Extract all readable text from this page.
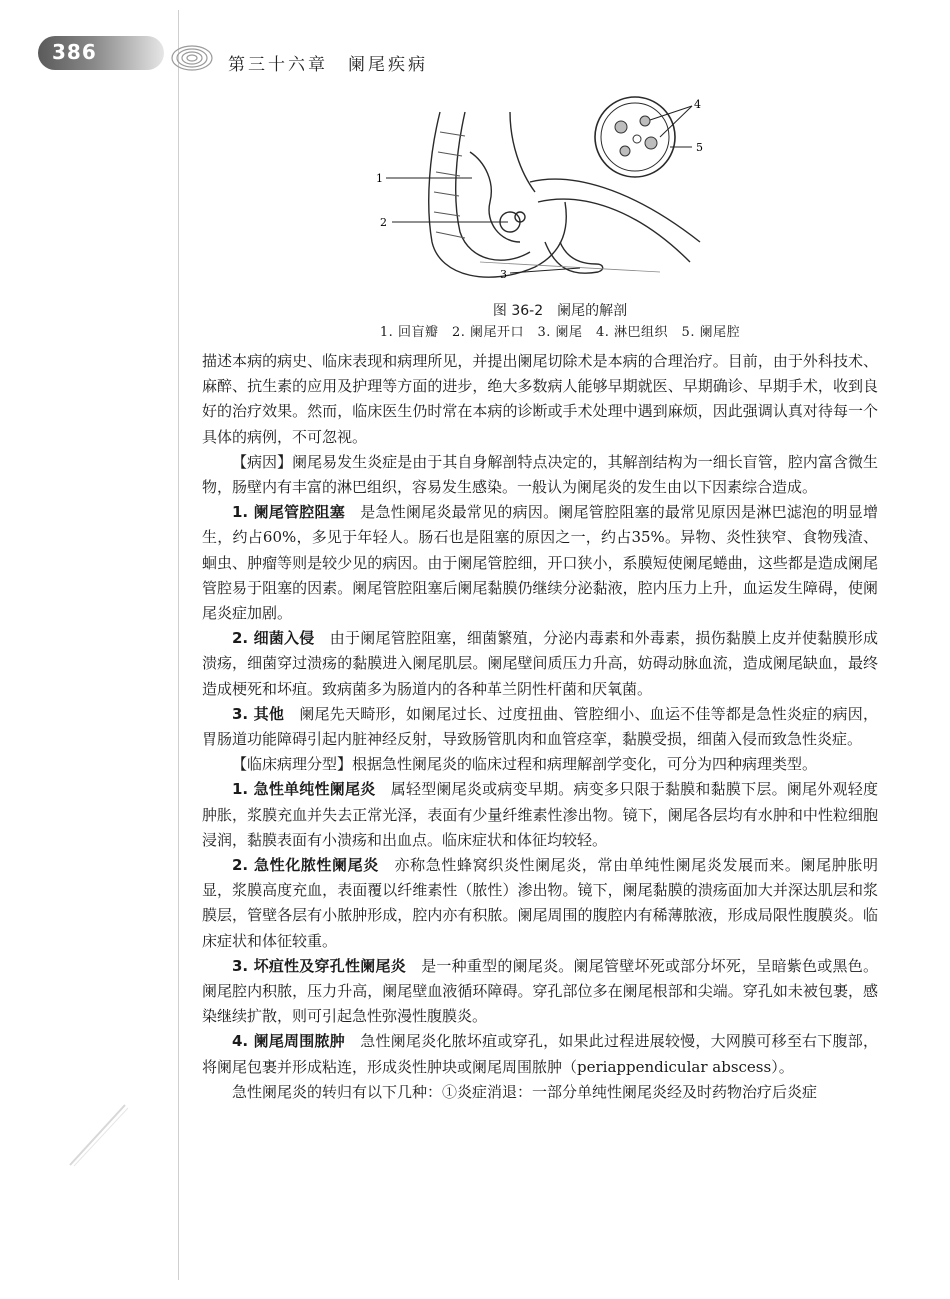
386
第三十六章　阑尾疾病
1
2
3
4
5
图 36-2　阑尾的解剖
1. 回盲瓣　2. 阑尾开口　3. 阑尾　4. 淋巴组织　5. 阑尾腔

描述本病的病史、临床表现和病理所见，并提出阑尾切除术是本病的合理治疗。目前，由于外科技术、麻醉、抗生素的应用及护理等方面的进步，绝大多数病人能够早期就医、早期确诊、早期手术，收到良好的治疗效果。然而，临床医生仍时常在本病的诊断或手术处理中遇到麻烦，因此强调认真对待每一个具体的病例，不可忽视。

【病因】阑尾易发生炎症是由于其自身解剖特点决定的，其解剖结构为一细长盲管，腔内富含微生物，肠壁内有丰富的淋巴组织，容易发生感染。一般认为阑尾炎的发生由以下因素综合造成。

1. 阑尾管腔阻塞　 是急性阑尾炎最常见的病因。阑尾管腔阻塞的最常见原因是淋巴滤泡的明显增生，约占60%，多见于年轻人。肠石也是阻塞的原因之一，约占35%。异物、炎性狭窄、食物残渣、蛔虫、肿瘤等则是较少见的病因。由于阑尾管腔细，开口狭小，系膜短使阑尾蜷曲，这些都是造成阑尾管腔易于阻塞的因素。阑尾管腔阻塞后阑尾黏膜仍继续分泌黏液，腔内压力上升，血运发生障碍，使阑尾炎症加剧。

2. 细菌入侵　 由于阑尾管腔阻塞，细菌繁殖，分泌内毒素和外毒素，损伤黏膜上皮并使黏膜形成溃疡，细菌穿过溃疡的黏膜进入阑尾肌层。阑尾壁间质压力升高，妨碍动脉血流，造成阑尾缺血，最终造成梗死和坏疽。致病菌多为肠道内的各种革兰阴性杆菌和厌氧菌。

3. 其他　 阑尾先天畸形，如阑尾过长、过度扭曲、管腔细小、血运不佳等都是急性炎症的病因，胃肠道功能障碍引起内脏神经反射，导致肠管肌肉和血管痉挛，黏膜受损，细菌入侵而致急性炎症。

【临床病理分型】根据急性阑尾炎的临床过程和病理解剖学变化，可分为四种病理类型。

1. 急性单纯性阑尾炎　 属轻型阑尾炎或病变早期。病变多只限于黏膜和黏膜下层。阑尾外观轻度肿胀，浆膜充血并失去正常光泽，表面有少量纤维素性渗出物。镜下，阑尾各层均有水肿和中性粒细胞浸润，黏膜表面有小溃疡和出血点。临床症状和体征均较轻。

2. 急性化脓性阑尾炎　 亦称急性蜂窝织炎性阑尾炎，常由单纯性阑尾炎发展而来。阑尾肿胀明显，浆膜高度充血，表面覆以纤维素性（脓性）渗出物。镜下，阑尾黏膜的溃疡面加大并深达肌层和浆膜层，管壁各层有小脓肿形成，腔内亦有积脓。阑尾周围的腹腔内有稀薄脓液，形成局限性腹膜炎。临床症状和体征较重。

3. 坏疽性及穿孔性阑尾炎　 是一种重型的阑尾炎。阑尾管壁坏死或部分坏死，呈暗紫色或黑色。阑尾腔内积脓，压力升高，阑尾壁血液循环障碍。穿孔部位多在阑尾根部和尖端。穿孔如未被包裹，感染继续扩散，则可引起急性弥漫性腹膜炎。

4. 阑尾周围脓肿　 急性阑尾炎化脓坏疽或穿孔，如果此过程进展较慢，大网膜可移至右下腹部，将阑尾包裹并形成粘连，形成炎性肿块或阑尾周围脓肿（periappendicular abscess）。

急性阑尾炎的转归有以下几种：①炎症消退：一部分单纯性阑尾炎经及时药物治疗后炎症
